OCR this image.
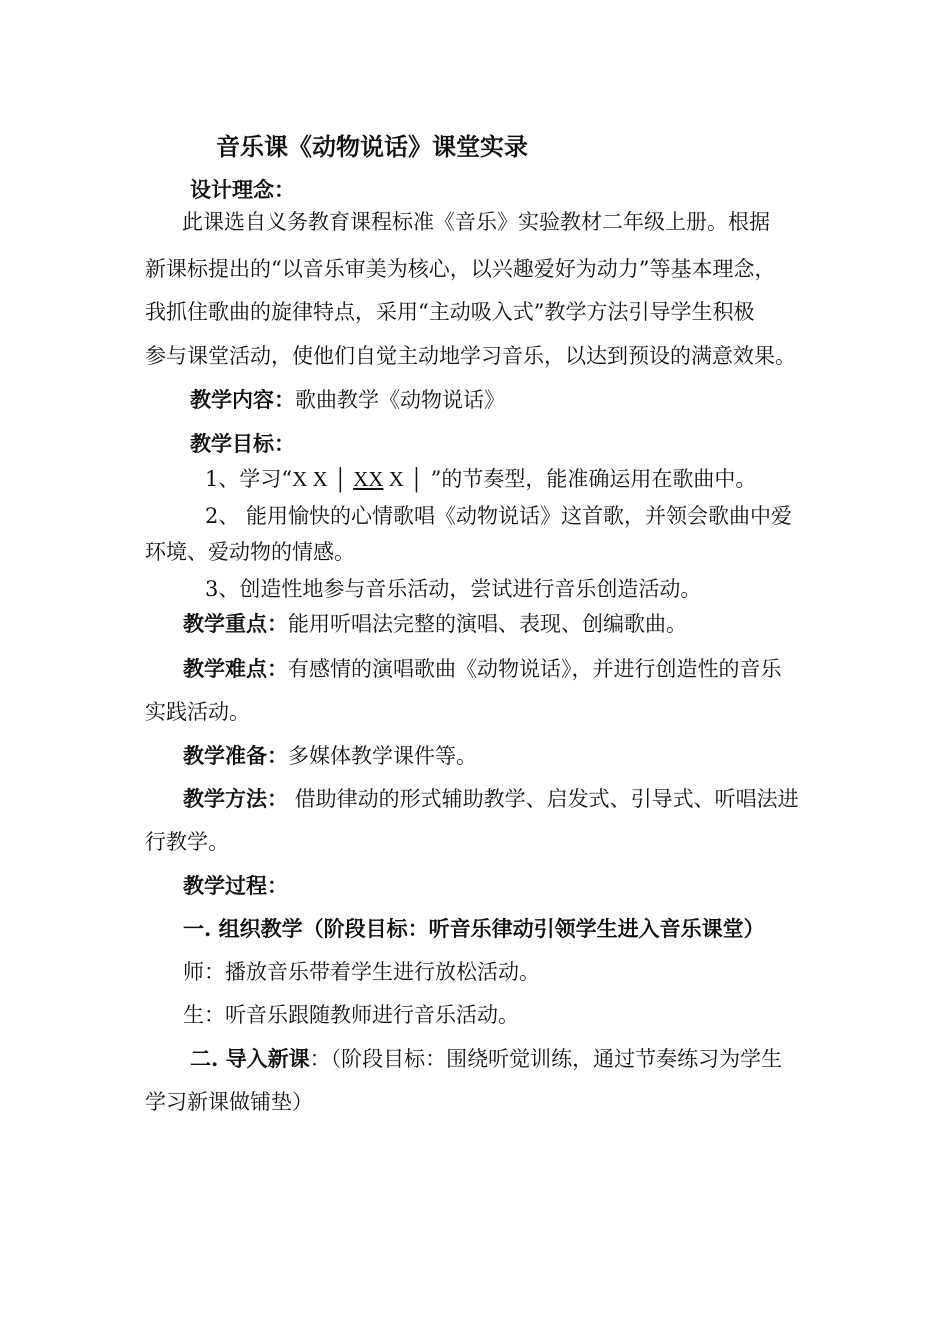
音乐课《动物说话》课堂实录
设计理念：
此课选自义务教育课程标准《音乐》实验教材二年级上册。根据
新课标提出的“以音乐审美为核心，以兴趣爱好为动力”等基本理念，
我抓住歌曲的旋律特点，采用“主动吸入式”教学方法引导学生积极
参与课堂活动，使他们自觉主动地学习音乐，以达到预设的满意效果。
教学内容：歌曲教学《动物说话》
教学目标：
1、学习“X X │ XX X │ ”的节奏型，能准确运用在歌曲中。
2、 能用愉快的心情歌唱《动物说话》这首歌，并领会歌曲中爱
环境、爱动物的情感。
3、创造性地参与音乐活动，尝试进行音乐创造活动。
教学重点：能用听唱法完整的演唱、表现、创编歌曲。
教学难点：有感情的演唱歌曲《动物说话》，并进行创造性的音乐
实践活动。
教学准备：多媒体教学课件等。
教学方法： 借助律动的形式辅助教学、启发式、引导式、听唱法进
行教学。
教学过程：
一. 组织教学（阶段目标：听音乐律动引领学生进入音乐课堂）
师：播放音乐带着学生进行放松活动。
生：听音乐跟随教师进行音乐活动。
二. 导入新课：（阶段目标：围绕听觉训练，通过节奏练习为学生
学习新课做铺垫）
